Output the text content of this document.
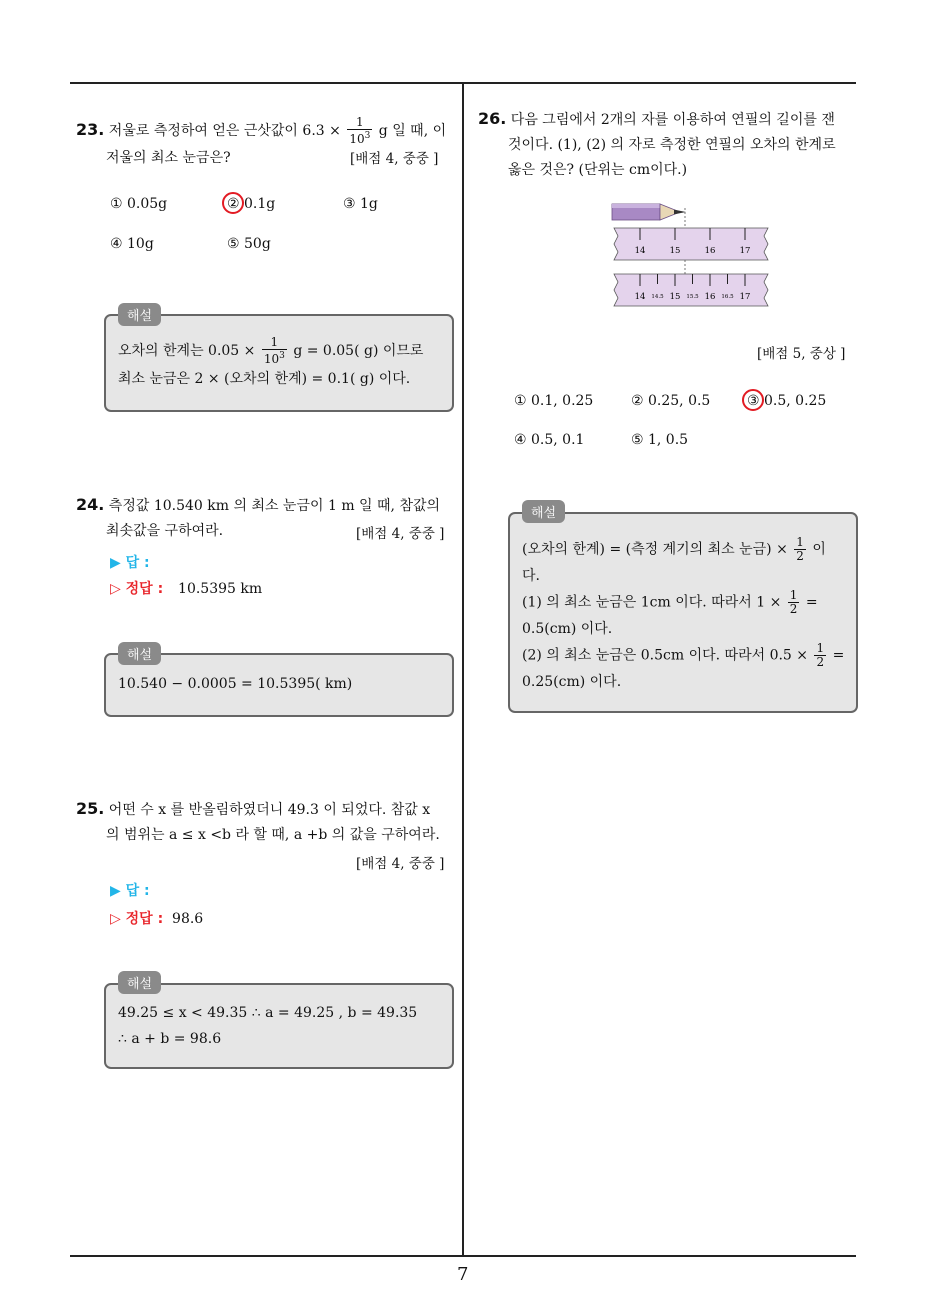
7
23. 저울로 측정하여 얻은 근삿값이 $6.3 \times \frac{1}{10^3}$ g 일 때, 이
저울의 최소 눈금은?	[배점 4, 중중 ]
① 0.05g	② 0.1g	③ 1g
④ 10g	⑤ 50g
해설
오차의 한계는 $0.05 \times \frac{1}{10^3}$ g = 0.05( g) 이므로
최소 눈금은 2 × (오차의 한계) = 0.1( g) 이다.
24. 측정값 10.540 km 의 최소 눈금이 1 m 일 때, 참값의
최솟값을 구하여라.	[배점 4, 중중 ]
▶ 답 :
▷ 정답 : 10.5395 km
해설
10.540 − 0.0005 = 10.5395( km)
25. 어떤 수 x 를 반올림하였더니 49.3 이 되었다. 참값 x
의 범위는 a ≤ x <b 라 할 때, a +b 의 값을 구하여라.
[배점 4, 중중 ]
▶ 답 :
▷ 정답 : 98.6
해설
49.25 ≤ x < 49.35 ∴ a = 49.25 , b = 49.35
∴ a + b = 98.6
26. 다음 그림에서 2개의 자를 이용하여 연필의 길이를 잰
것이다. (1), (2) 의 자로 측정한 연필의 오차의 한계로
옳은 것은? (단위는 cm이다.)
14	15	16	17
14 14.5 15 15.5 16 16.5 17
[배점 5, 중상 ]
① 0.1, 0.25	② 0.25, 0.5	③ 0.5, 0.25
④ 0.5, 0.1	⑤ 1, 0.5
해설
(오차의 한계) = (측정 계기의 최소 눈금) × $\frac{1}{2}$ 이
다.
(1) 의 최소 눈금은 1cm 이다. 따라서 $1 \times \frac{1}{2}$ =
0.5(cm) 이다.
(2) 의 최소 눈금은 0.5cm 이다. 따라서 $0.5 \times \frac{1}{2}$ =
0.25(cm) 이다.
